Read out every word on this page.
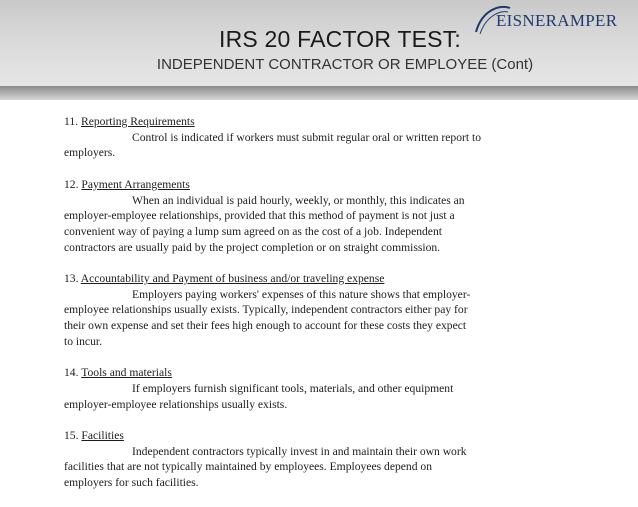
IRS 20 FACTOR TEST:
INDEPENDENT CONTRACTOR OR EMPLOYEE (Cont)
EISNERAMPER
11. Reporting Requirements
Control is indicated if workers must submit regular oral or written report to
employers.
12. Payment Arrangements
When an individual is paid hourly, weekly, or monthly, this indicates an
employer-employee relationships, provided that this method of payment is not just a
convenient way of paying a lump sum agreed on as the cost of a job. Independent
contractors are usually paid by the project completion or on straight commission.
13. Accountability and Payment of business and/or traveling expense
Employers paying workers' expenses of this nature shows that employer-
employee relationships usually exists. Typically, independent contractors either pay for
their own expense and set their fees high enough to account for these costs they expect
to incur.
14. Tools and materials
If employers furnish significant tools, materials, and other equipment
employer-employee relationships usually exists.
15. Facilities
Independent contractors typically invest in and maintain their own work
facilities that are not typically maintained by employees. Employees depend on
employers for such facilities.
